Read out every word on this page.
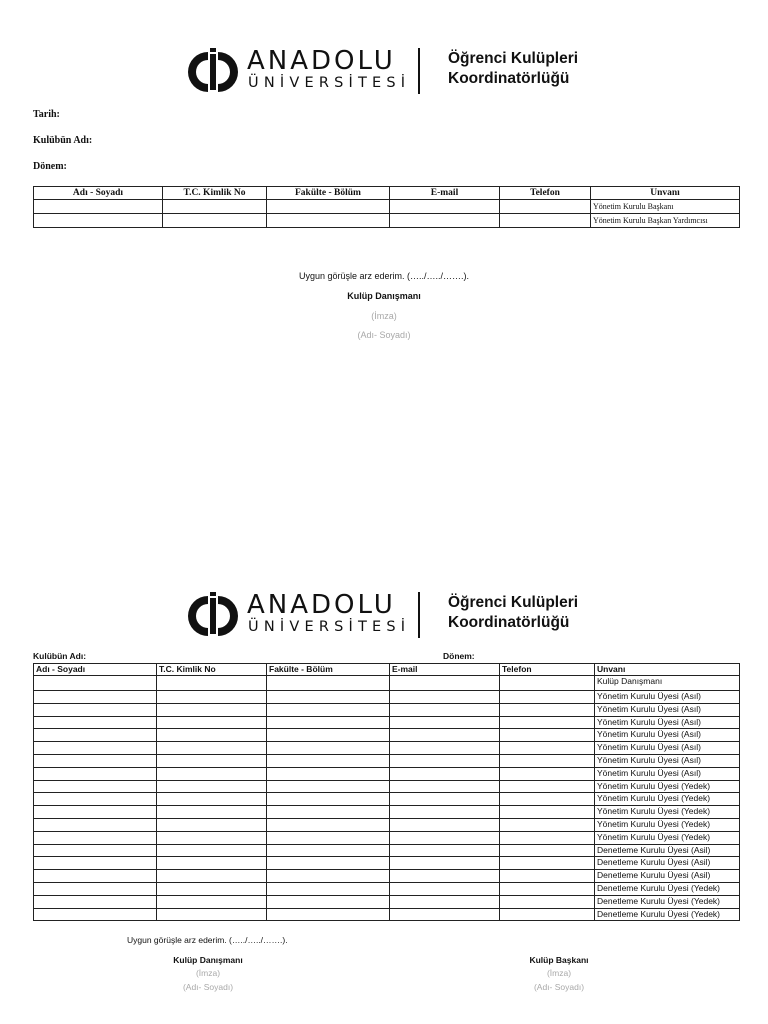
ANADOLU
ÜNİVERSİTESİ
Öğrenci Kulüpleri
Koordinatörlüğü
Tarih:
Kulübün Adı:
Dönem:
Adı - Soyadı	T.C. Kimlik No	Fakülte - Bölüm	E-mail	Telefon	Unvanı
					Yönetim Kurulu Başkanı
					Yönetim Kurulu Başkan Yardımcısı
Uygun görüşle arz ederim. (…../…../…….).
Kulüp Danışmanı
(İmza)
(Adı- Soyadı)
ANADOLU
ÜNİVERSİTESİ
Öğrenci Kulüpleri
Koordinatörlüğü
Kulübün Adı:	Dönem:
Adı - Soyadı	T.C. Kimlik No	Fakülte - Bölüm	E-mail	Telefon	Unvanı
					Kulüp Danışmanı
					Yönetim Kurulu Üyesi (Asıl)
					Yönetim Kurulu Üyesi (Asıl)
					Yönetim Kurulu Üyesi (Asıl)
					Yönetim Kurulu Üyesi (Asıl)
					Yönetim Kurulu Üyesi (Asıl)
					Yönetim Kurulu Üyesi (Asıl)
					Yönetim Kurulu Üyesi (Asıl)
					Yönetim Kurulu Üyesi (Yedek)
					Yönetim Kurulu Üyesi (Yedek)
					Yönetim Kurulu Üyesi (Yedek)
					Yönetim Kurulu Üyesi (Yedek)
					Yönetim Kurulu Üyesi (Yedek)
					Denetleme Kurulu Üyesi (Asil)
					Denetleme Kurulu Üyesi (Asil)
					Denetleme Kurulu Üyesi (Asil)
					Denetleme Kurulu Üyesi (Yedek)
					Denetleme Kurulu Üyesi (Yedek)
					Denetleme Kurulu Üyesi (Yedek)
Uygun görüşle arz ederim. (…../…../…….).
Kulüp Danışmanı
(İmza)
(Adı- Soyadı)
Kulüp Başkanı
(İmza)
(Adı- Soyadı)
